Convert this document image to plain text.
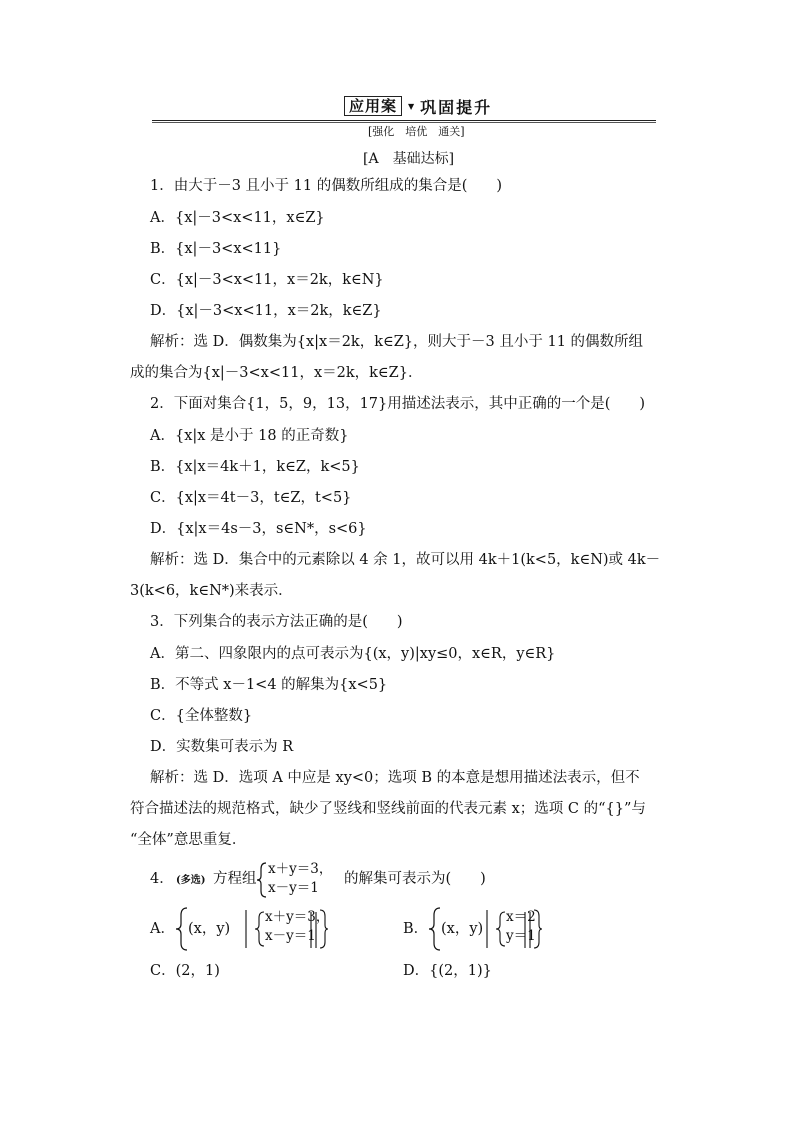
应用案	▼ 巩固提升
[强化　培优　通关]
[A　基础达标]
1．由大于－3 且小于 11 的偶数所组成的集合是(　　)
A．{x|－3<x<11，x∈Z}
B．{x|－3<x<11}
C．{x|－3<x<11，x＝2k，k∈N}
D．{x|－3<x<11，x＝2k，k∈Z}
解析：选 D．偶数集为{x|x＝2k，k∈Z}，则大于－3 且小于 11 的偶数所组
成的集合为{x|－3<x<11，x＝2k，k∈Z}．
2．下面对集合{1，5，9，13，17}用描述法表示，其中正确的一个是(　　)
A．{x|x 是小于 18 的正奇数}
B．{x|x＝4k＋1，k∈Z，k<5}
C．{x|x＝4t－3，t∈Z，t<5}
D．{x|x＝4s－3，s∈N*，s<6}
解析：选 D．集合中的元素除以 4 余 1，故可以用 4k＋1(k<5，k∈N)或 4k－
3(k<6，k∈N*)来表示．
3．下列集合的表示方法正确的是(　　)
A．第二、四象限内的点可表示为{(x，y)|xy≤0，x∈R，y∈R}
B．不等式 x－1<4 的解集为{x<5}
C．{全体整数}
D．实数集可表示为 R
解析：选 D．选项 A 中应是 xy<0；选项 B 的本意是想用描述法表示，但不
符合描述法的规范格式，缺少了竖线和竖线前面的代表元素 x；选项 C 的“{}”与
“全体”意思重复．
4． (多选) 方程组
x＋y＝3，
x－y＝1
的解集可表示为(　　)
A． (x，y)
x＋y＝3，
x－y＝1	B． (x，y)
x＝2
y＝1
C．(2，1)	D．{(2，1)}
